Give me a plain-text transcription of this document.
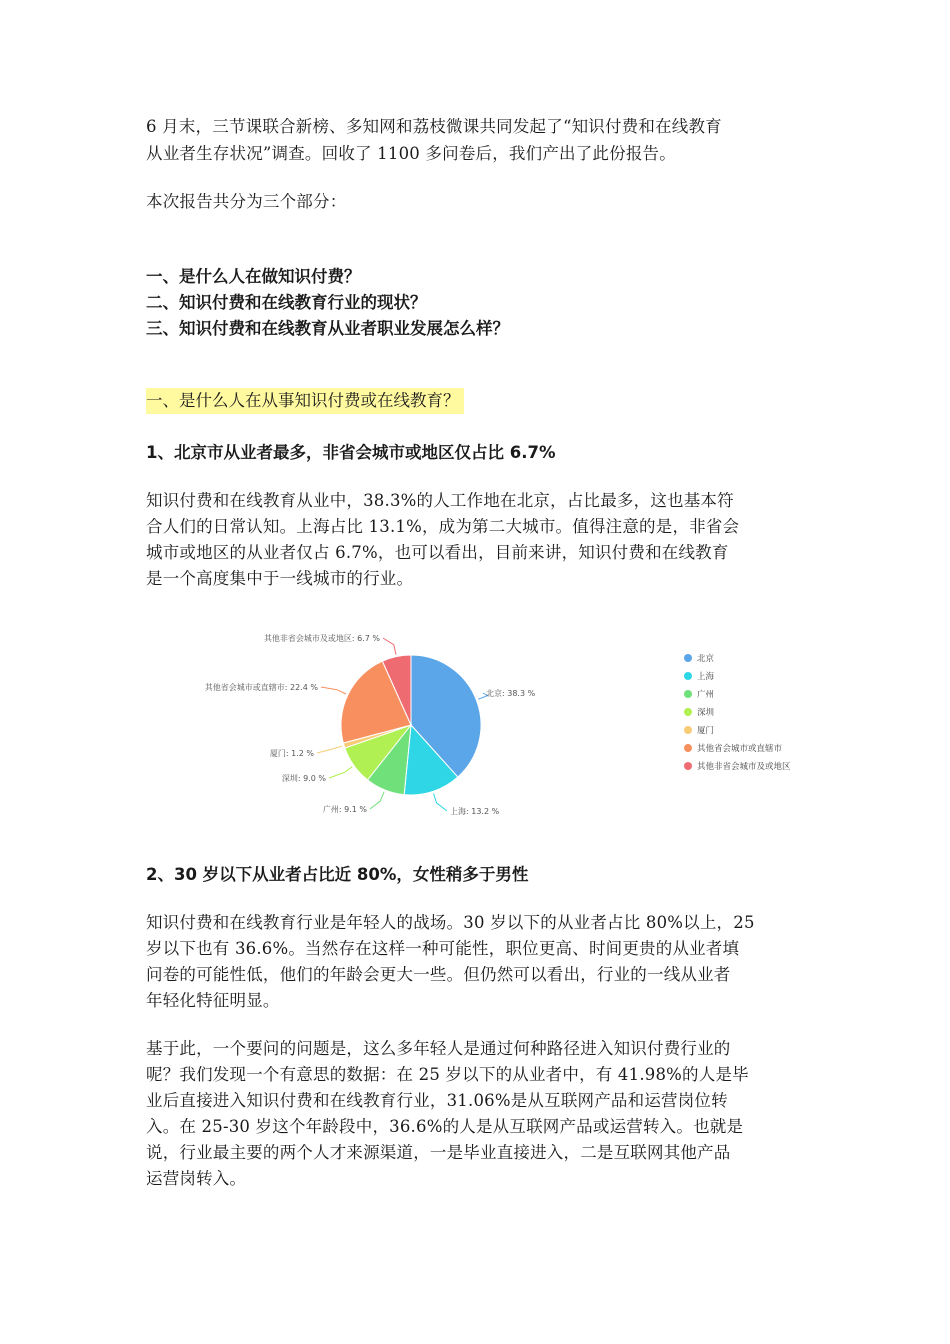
6 月末，三节课联合新榜、多知网和荔枝微课共同发起了“知识付费和在线教育

从业者生存状况”调查。回收了 1100 多问卷后，我们产出了此份报告。

本次报告共分为三个部分：

一、是什么人在做知识付费？

二、知识付费和在线教育行业的现状？

三、知识付费和在线教育从业者职业发展怎么样？

一、是什么人在从事知识付费或在线教育？

1、北京市从业者最多，非省会城市或地区仅占比 6.7%

知识付费和在线教育从业中，38.3%的人工作地在北京，占比最多，这也基本符

合人们的日常认知。上海占比 13.1%，成为第二大城市。值得注意的是，非省会

城市或地区的从业者仅占 6.7%，也可以看出，目前来讲，知识付费和在线教育

是一个高度集中于一线城市的行业。

北京: 38.3 %
上海: 13.2 %
广州: 9.1 %
深圳: 9.0 %
厦门: 1.2 %
其他省会城市或直辖市: 22.4 %
其他非省会城市及或地区: 6.7 %
北京
上海
广州
深圳
厦门
其他省会城市或直辖市
其他非省会城市及或地区

2、30 岁以下从业者占比近 80%，女性稍多于男性

知识付费和在线教育行业是年轻人的战场。30 岁以下的从业者占比 80%以上，25

岁以下也有 36.6%。当然存在这样一种可能性，职位更高、时间更贵的从业者填

问卷的可能性低，他们的年龄会更大一些。但仍然可以看出，行业的一线从业者

年轻化特征明显。

基于此，一个要问的问题是，这么多年轻人是通过何种路径进入知识付费行业的

呢？我们发现一个有意思的数据：在 25 岁以下的从业者中，有 41.98%的人是毕

业后直接进入知识付费和在线教育行业，31.06%是从互联网产品和运营岗位转

入。在 25-30 岁这个年龄段中，36.6%的人是从互联网产品或运营转入。也就是

说，行业最主要的两个人才来源渠道，一是毕业直接进入，二是互联网其他产品

运营岗转入。
